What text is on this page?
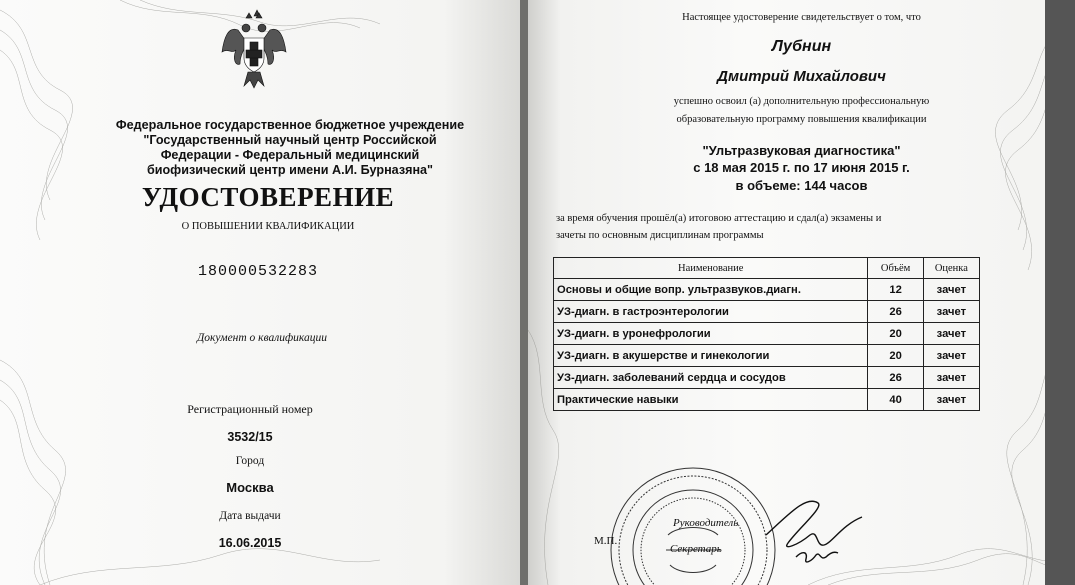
Федеральное государственное бюджетное учреждение
"Государственный научный центр Российской
Федерации - Федеральный медицинский
биофизический центр имени А.И. Бурназяна"
УДОСТОВЕРЕНИЕ
О ПОВЫШЕНИИ КВАЛИФИКАЦИИ
180000532283
Документ о квалификации
Регистрационный номер
3532/15
Город
Москва
Дата выдачи
16.06.2015
Настоящее удостоверение свидетельствует о том, что
Лубнин
Дмитрий Михайлович
успешно освоил (а) дополнительную профессиональную
образовательную программу повышения квалификации
"Ультразвуковая диагностика"
с 18 мая 2015 г. по 17 июня 2015 г.
в объеме: 144 часов
за время обучения прошёл(а) итоговою аттестацию и сдал(а) экзамены и
зачеты по основным дисциплинам программы
Наименование	Объём	Оценка
Основы и общие вопр. ультразвуков.диагн.	12	зачет
УЗ-диагн. в гастроэнтерологии	26	зачет
УЗ-диагн. в уронефрологии	20	зачет
УЗ-диагн. в акушерстве и гинекологии	20	зачет
УЗ-диагн. заболеваний сердца и сосудов	26	зачет
Практические навыки	40	зачет
М.П.
Руководитель
Секретарь
